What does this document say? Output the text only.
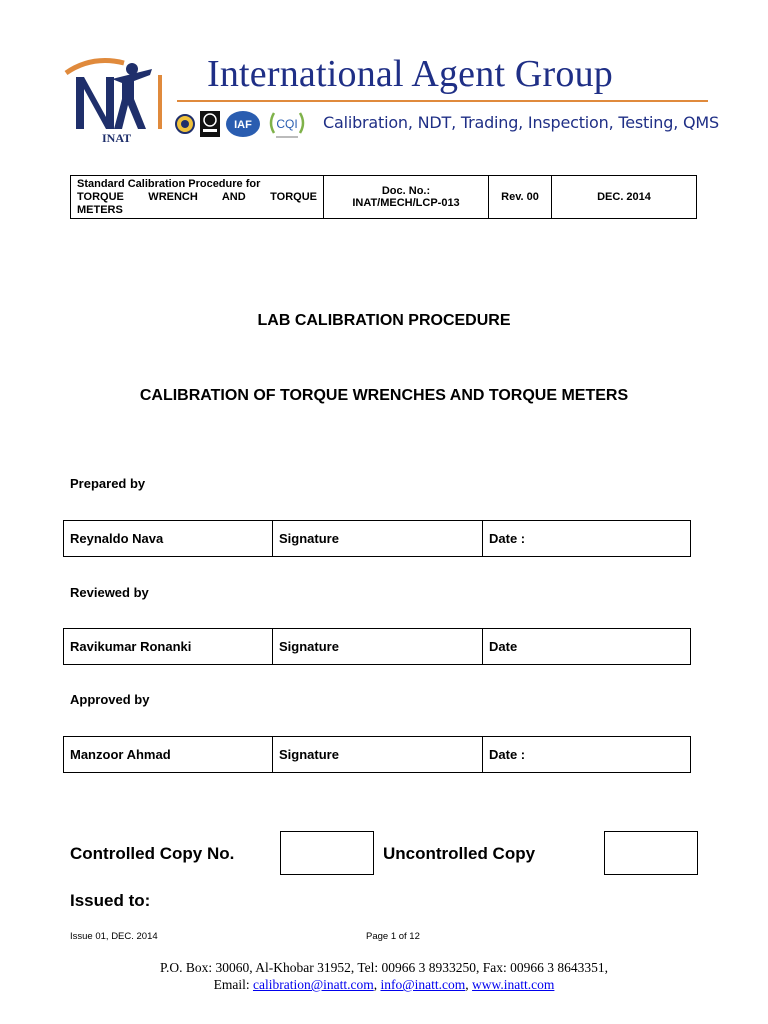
INAT
International Agent Group
IAF CQI Calibration, NDT, Trading, Inspection, Testing, QMS
Standard Calibration Procedure for
TORQUE WRENCH AND TORQUE
METERS

Doc. No.:
INAT/MECH/LCP-013	Rev. 00	DEC. 2014
LAB CALIBRATION PROCEDURE
CALIBRATION OF TORQUE WRENCHES AND TORQUE METERS
Prepared by
Reynaldo Nava	Signature	Date :
Reviewed by
Ravikumar Ronanki	Signature	Date
Approved by
Manzoor Ahmad	Signature	Date :
Controlled Copy No.	Uncontrolled Copy
Issued to:
Issue 01, DEC. 2014	Page 1 of 12
P.O. Box: 30060, Al-Khobar 31952, Tel: 00966 3 8933250, Fax: 00966 3 8643351,
Email: calibration@inatt.com, info@inatt.com, www.inatt.com
